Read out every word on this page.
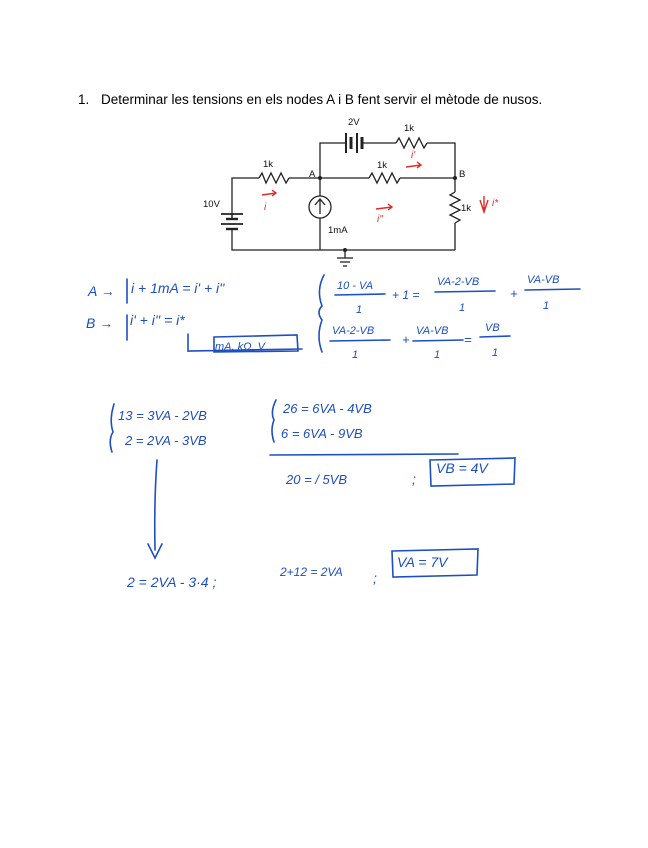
1. Determinar les tensions en els nodes A i B fent servir el mètode de nusos.
2V
1k
1k	1k
1k
10V
1mA
A	B
i
i'
i''
i*
A → i + 1mA = i' + i''
B → i' + i'' = i*
mA, kΩ, V
10 - VA
1
+ 1 =
VA-2-VB
1
+
VA-VB
1
VA-2-VB
1
+
VA-VB
1
=
VB
1
13 = 3VA - 2VB
2 = 2VA - 3VB
26 = 6VA - 4VB
6 = 6VA - 9VB
20 = / 5VB	;
VB = 4V
2 = 2VA - 3·4 ;
2+12 = 2VA ;
VA = 7V
